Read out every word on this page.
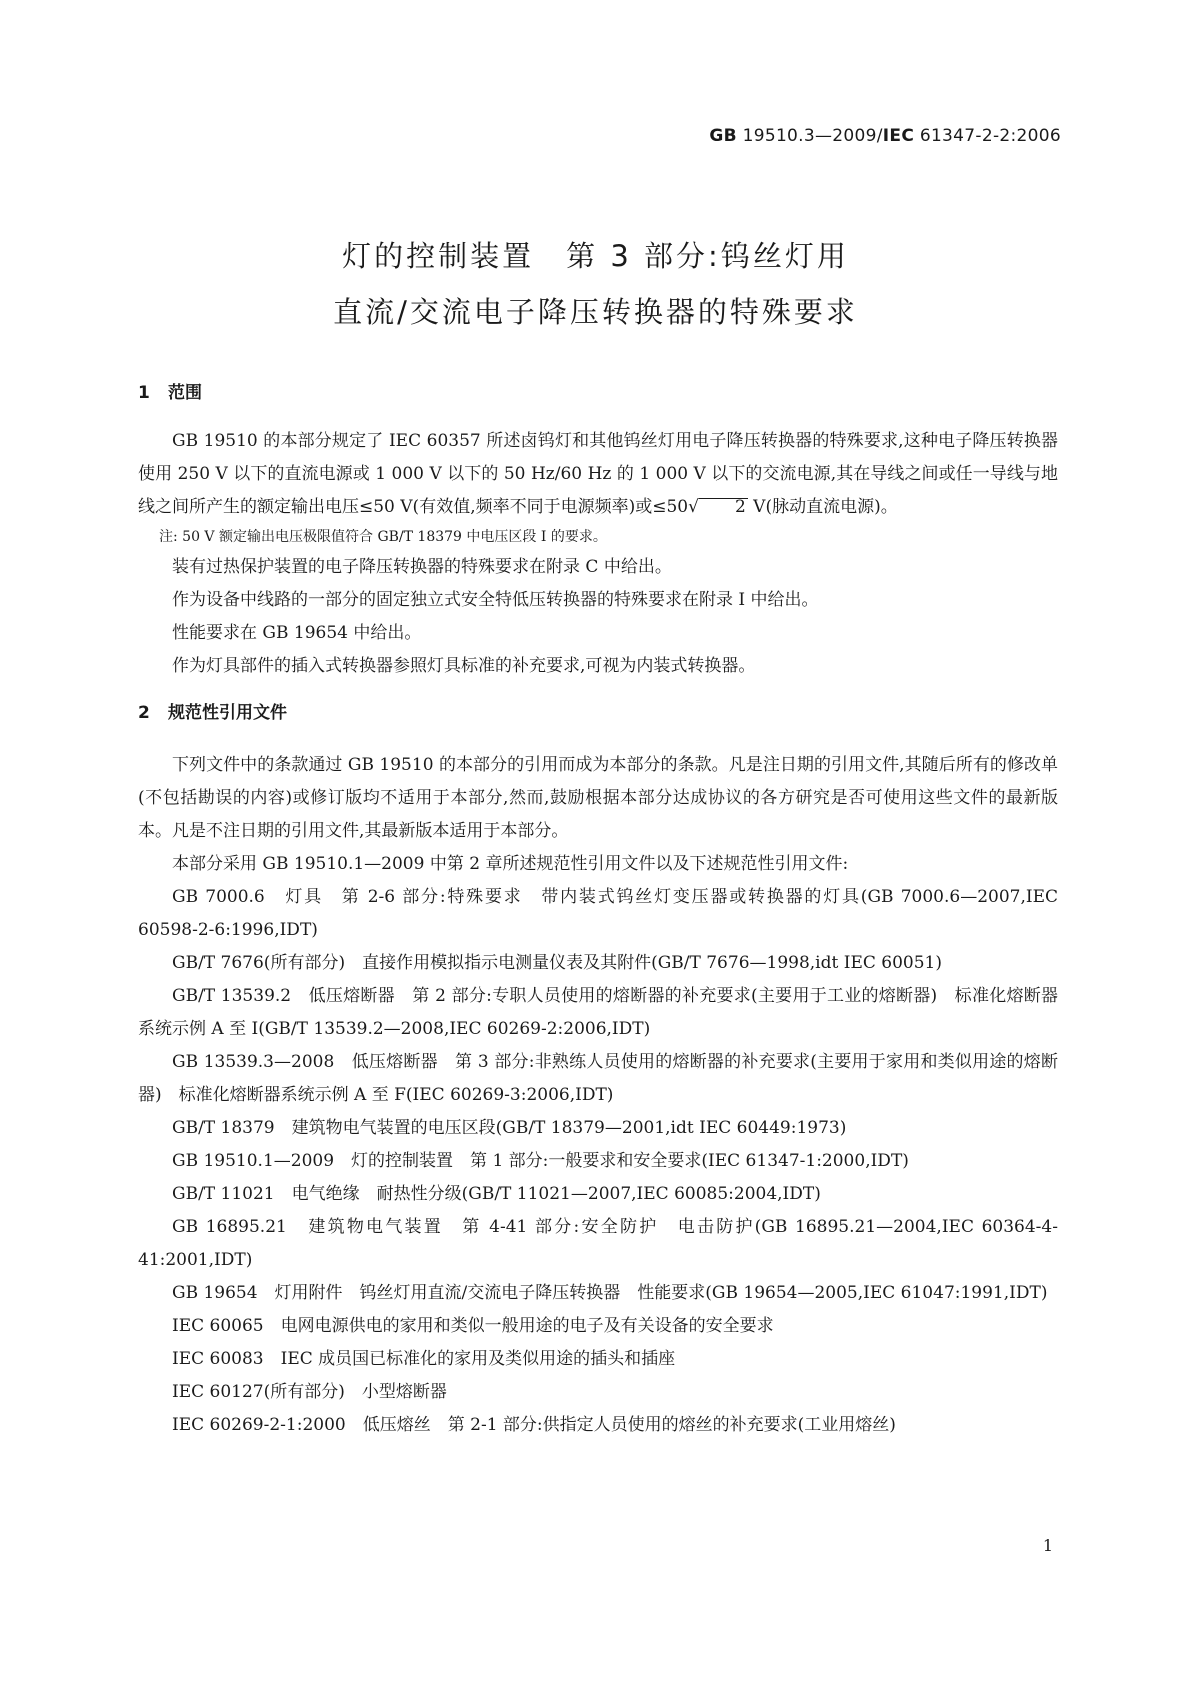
GB 19510.3—2009/IEC 61347-2-2:2006
灯的控制装置　第 3 部分:钨丝灯用
直流/交流电子降压转换器的特殊要求
1 范围

GB 19510 的本部分规定了 IEC 60357 所述卤钨灯和其他钨丝灯用电子降压转换器的特殊要求,这种电子降压转换器使用 250 V 以下的直流电源或 1 000 V 以下的 50 Hz/60 Hz 的 1 000 V 以下的交流电源,其在导线之间或任一导线与地线之间所产生的额定输出电压≤50 V(有效值,频率不同于电源频率)或≤50√ 2 V(脉动直流电源)。

注: 50 V 额定输出电压极限值符合 GB/T 18379 中电压区段 I 的要求。

装有过热保护装置的电子降压转换器的特殊要求在附录 C 中给出。

作为设备中线路的一部分的固定独立式安全特低压转换器的特殊要求在附录 I 中给出。

性能要求在 GB 19654 中给出。

作为灯具部件的插入式转换器参照灯具标准的补充要求,可视为内装式转换器。

2 规范性引用文件

下列文件中的条款通过 GB 19510 的本部分的引用而成为本部分的条款。凡是注日期的引用文件,其随后所有的修改单(不包括勘误的内容)或修订版均不适用于本部分,然而,鼓励根据本部分达成协议的各方研究是否可使用这些文件的最新版本。凡是不注日期的引用文件,其最新版本适用于本部分。

本部分采用 GB 19510.1—2009 中第 2 章所述规范性引用文件以及下述规范性引用文件:

GB 7000.6　灯具　第 2-6 部分:特殊要求　带内装式钨丝灯变压器或转换器的灯具(GB 7000.6—2007,IEC 60598-2-6:1996,IDT)

GB/T 7676(所有部分)　直接作用模拟指示电测量仪表及其附件(GB/T 7676—1998,idt IEC 60051)

GB/T 13539.2　低压熔断器　第 2 部分:专职人员使用的熔断器的补充要求(主要用于工业的熔断器)　标准化熔断器系统示例 A 至 I(GB/T 13539.2—2008,IEC 60269-2:2006,IDT)

GB 13539.3—2008　低压熔断器　第 3 部分:非熟练人员使用的熔断器的补充要求(主要用于家用和类似用途的熔断器)　标准化熔断器系统示例 A 至 F(IEC 60269-3:2006,IDT)

GB/T 18379　建筑物电气装置的电压区段(GB/T 18379—2001,idt IEC 60449:1973)

GB 19510.1—2009　灯的控制装置　第 1 部分:一般要求和安全要求(IEC 61347-1:2000,IDT)

GB/T 11021　电气绝缘　耐热性分级(GB/T 11021—2007,IEC 60085:2004,IDT)

GB 16895.21　建筑物电气装置　第 4-41 部分:安全防护　电击防护(GB 16895.21—2004,IEC 60364-4-41:2001,IDT)

GB 19654　灯用附件　钨丝灯用直流/交流电子降压转换器　性能要求(GB 19654—2005,IEC 61047:1991,IDT)

IEC 60065　电网电源供电的家用和类似一般用途的电子及有关设备的安全要求

IEC 60083　IEC 成员国已标准化的家用及类似用途的插头和插座

IEC 60127(所有部分)　小型熔断器

IEC 60269-2-1:2000　低压熔丝　第 2-1 部分:供指定人员使用的熔丝的补充要求(工业用熔丝)

1
